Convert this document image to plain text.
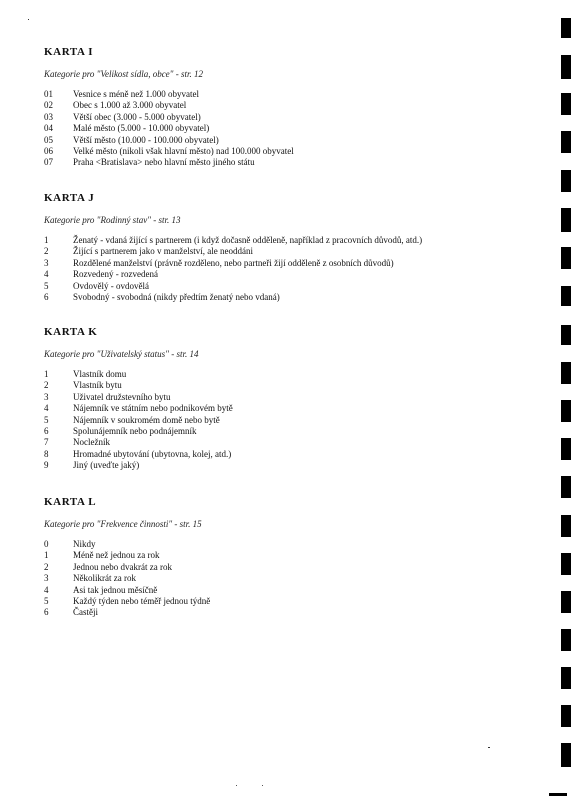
KARTA I
Kategorie pro "Velikost sídla, obce" - str. 12
01	Vesnice s méně než 1.000 obyvatel
02	Obec s 1.000 až 3.000 obyvatel
03	Větší obec (3.000 - 5.000 obyvatel)
04	Malé město (5.000 - 10.000 obyvatel)
05	Větší město (10.000 - 100.000 obyvatel)
06	Velké město (nikoli však hlavní město) nad 100.000 obyvatel
07	Praha <Bratislava> nebo hlavní město jiného státu
KARTA J
Kategorie pro "Rodinný stav" - str. 13
1	Ženatý - vdaná žijící s partnerem (i když dočasně odděleně, například z pracovních důvodů, atd.)
2	Žijící s partnerem jako v manželství, ale neoddáni
3	Rozdělené manželství (právně rozděleno, nebo partneři žijí odděleně z osobních důvodů)
4	Rozvedený - rozvedená
5	Ovdovělý - ovdovělá
6	Svobodný - svobodná (nikdy předtím ženatý nebo vdaná)
KARTA K
Kategorie pro "Uživatelský status" - str. 14
1	Vlastník domu
2	Vlastník bytu
3	Uživatel družstevního bytu
4	Nájemník ve státním nebo podnikovém bytě
5	Nájemník v soukromém domě nebo bytě
6	Spolunájemník nebo podnájemník
7	Nocležník
8	Hromadné ubytování (ubytovna, kolej, atd.)
9	Jiný (uveďte jaký)
KARTA L
Kategorie pro "Frekvence činnosti" - str. 15
0	Nikdy
1	Méně než jednou za rok
2	Jednou nebo dvakrát za rok
3	Několikrát za rok
4	Asi tak jednou měsíčně
5	Každý týden nebo téměř jednou týdně
6	Častěji
